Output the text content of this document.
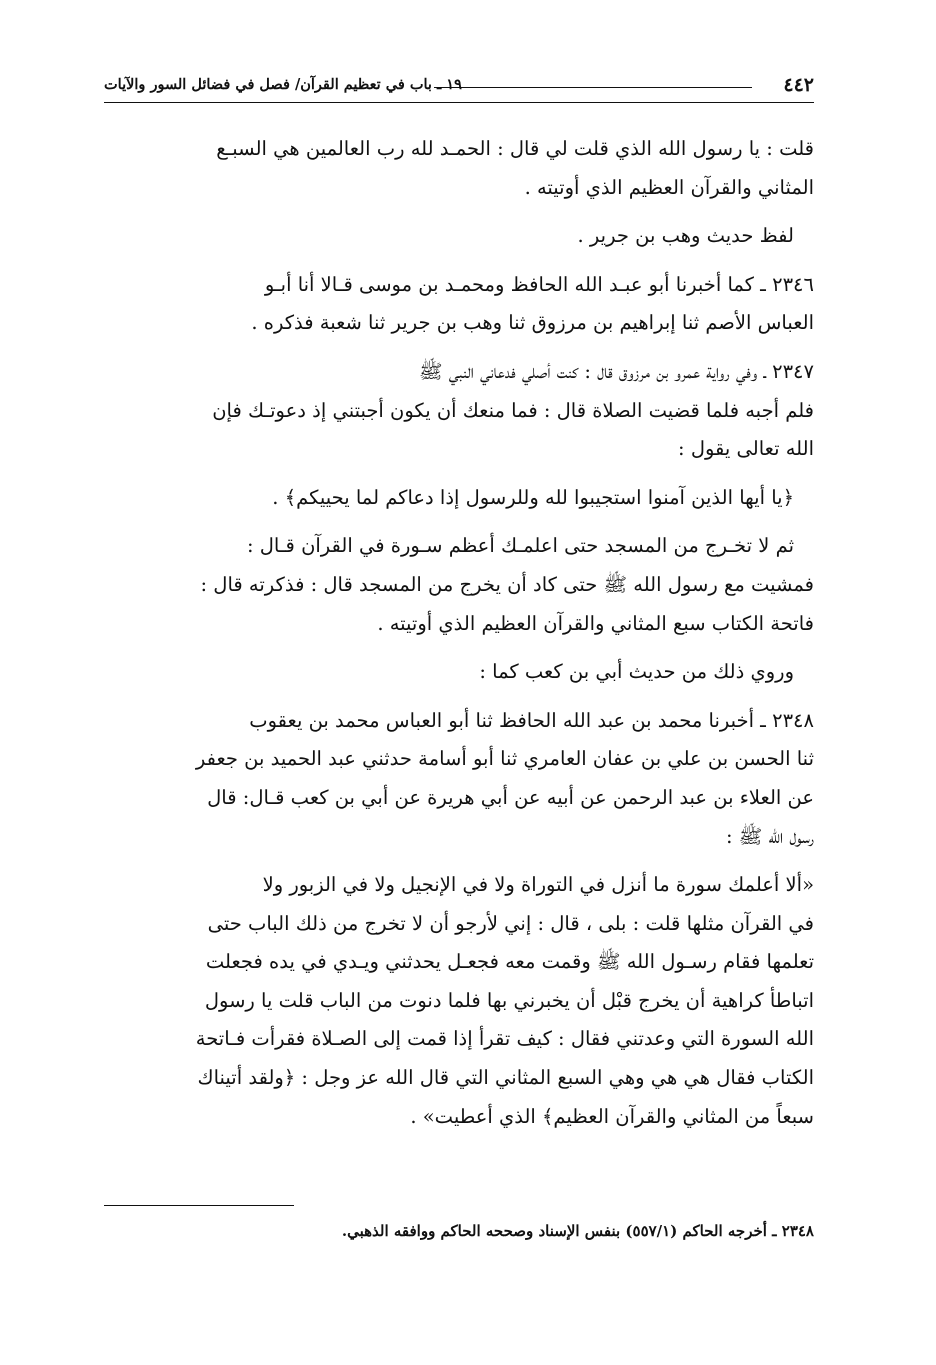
٤٤٢
١٩ ـ باب في تعظيم القرآن/ فصل في فضائل السور والآيات

قلت : يا رسول الله الذي قلت لي قال : الحمـد لله رب العالمين هي السبـع

المثاني والقرآن العظيم الذي أوتيته .

لفظ حديث وهب بن جرير .

٢٣٤٦ ـ كما أخبرنا أبو عبـد الله الحافظ ومحمـد بن موسى قـالا أنا أبـو

العباس الأصم ثنا إبراهيم بن مرزوق ثنا وهب بن جرير ثنا شعبة فذكره .

٢٣٤٧ ـ وفي رواية عمرو بن مرزوق قال : كنت أصلي فدعاني النبي ﷺ

فلم أجبه فلما قضيت الصلاة قال : فما منعك أن يكون أجبتني إذ دعوتـك فإن

الله تعالى يقول :

﴿يا أيها الذين آمنوا استجيبوا لله وللرسول إذا دعاكم لما يحييكم﴾ .

ثم لا تخـرج من المسجد حتى اعلمـك أعظم سـورة في القرآن قـال :

فمشيت مع رسول الله ﷺ حتى كاد أن يخرج من المسجد قال : فذكرته قال :

فاتحة الكتاب سبع المثاني والقرآن العظيم الذي أوتيته .

وروي ذلك من حديث أبي بن كعب كما :

٢٣٤٨ ـ أخبرنا محمد بن عبد الله الحافظ ثنا أبو العباس محمد بن يعقوب

ثنا الحسن بن علي بن عفان العامري ثنا أبو أسامة حدثني عبد الحميد بن جعفر

عن العلاء بن عبد الرحمن عن أبيه عن أبي هريرة عن أبي بن كعب قـال: قال

رسول الله ﷺ :

«ألا أعلمك سورة ما أنزل في التوراة ولا في الإنجيل ولا في الزبور ولا

في القرآن مثلها قلت : بلى ، قال : إني لأرجو أن لا تخرج من ذلك الباب حتى

تعلمها فقام رسـول الله ﷺ وقمت معه فجعـل يحدثني ويـدي في يده فجعلت

اتباطأ كراهية أن يخرج قبْل أن يخبرني بها فلما دنوت من الباب قلت يا رسول

الله السورة التي وعدتني فقال : كيف تقرأ إذا قمت إلى الصـلاة فقرأت فـاتحة

الكتاب فقال هي هي وهي السبع المثاني التي قال الله عز وجل : ﴿ولقد أتيناك

سبعاً من المثاني والقرآن العظيم﴾ الذي أعطيت» .

٢٣٤٨ ـ أخرجه الحاكم (٥٥٧/١) بنفس الإسناد وصححه الحاكم ووافقه الذهبي.
